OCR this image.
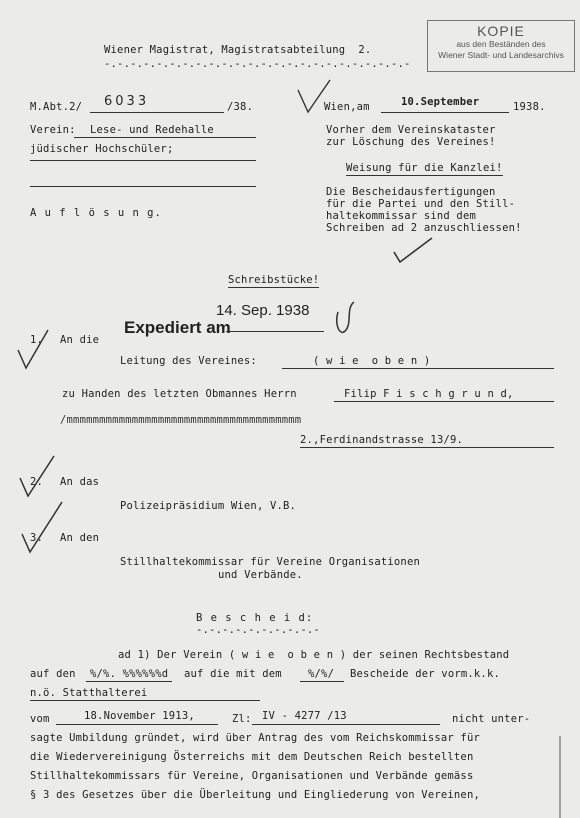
KOPIE
aus den Beständen des
Wiener Stadt- und Landesarchivs
Wiener Magistrat, Magistratsabteilung  2.
-.-.-.-.-.-.-.-.-.-.-.-.-.-.-.-.-.-.-.-.-.-.-.-
M.Abt.2/ 6033	/38.	Wien,am	10.September	1938.
Verein: Lese- und Redehalle
jüdischer Hochschüler;
A u f l ö s u n g.
Vorher dem Vereinskataster
zur Löschung des Vereines!
Weisung für die Kanzlei!
Die Bescheidausfertigungen
für die Partei und den Still-
haltekommissar sind dem
Schreiben ad 2 anzuschliessen!
Schreibstücke!
14. Sep. 1938
Expediert am
1. An die
Leitung des Vereines:	( w i e  o b e n )
zu Handen des letzten Obmannes Herrn	Filip F i s c h g r u n d,
/mmmmmmmmmmmmmmmmmmmmmmmmmmmmmmmmmmmm
2.,Ferdinandstrasse 13/9.
2. An das
Polizeipräsidium Wien, V.B.
3. An den
Stillhaltekommissar für Vereine Organisationen
und Verbände.
B e s c h e i d:
-.-.-.-.-.-.-.-.-.-
ad 1) Der Verein ( w i e  o b e n ) der seinen Rechtsbestand
auf den %/%. %%%%%%d auf die mit dem %/%/ Bescheide der vorm.k.k.
n.ö. Statthalterei
vom	18.November 1913,	Zl: IV - 4277 /13	nicht unter-
sagte Umbildung gründet, wird über Antrag des vom Reichskommissar für
die Wiedervereinigung Österreichs mit dem Deutschen Reich bestellten
Stillhaltekommissars für Vereine, Organisationen und Verbände gemäss
§ 3 des Gesetzes über die Überleitung und Eingliederung von Vereinen,
